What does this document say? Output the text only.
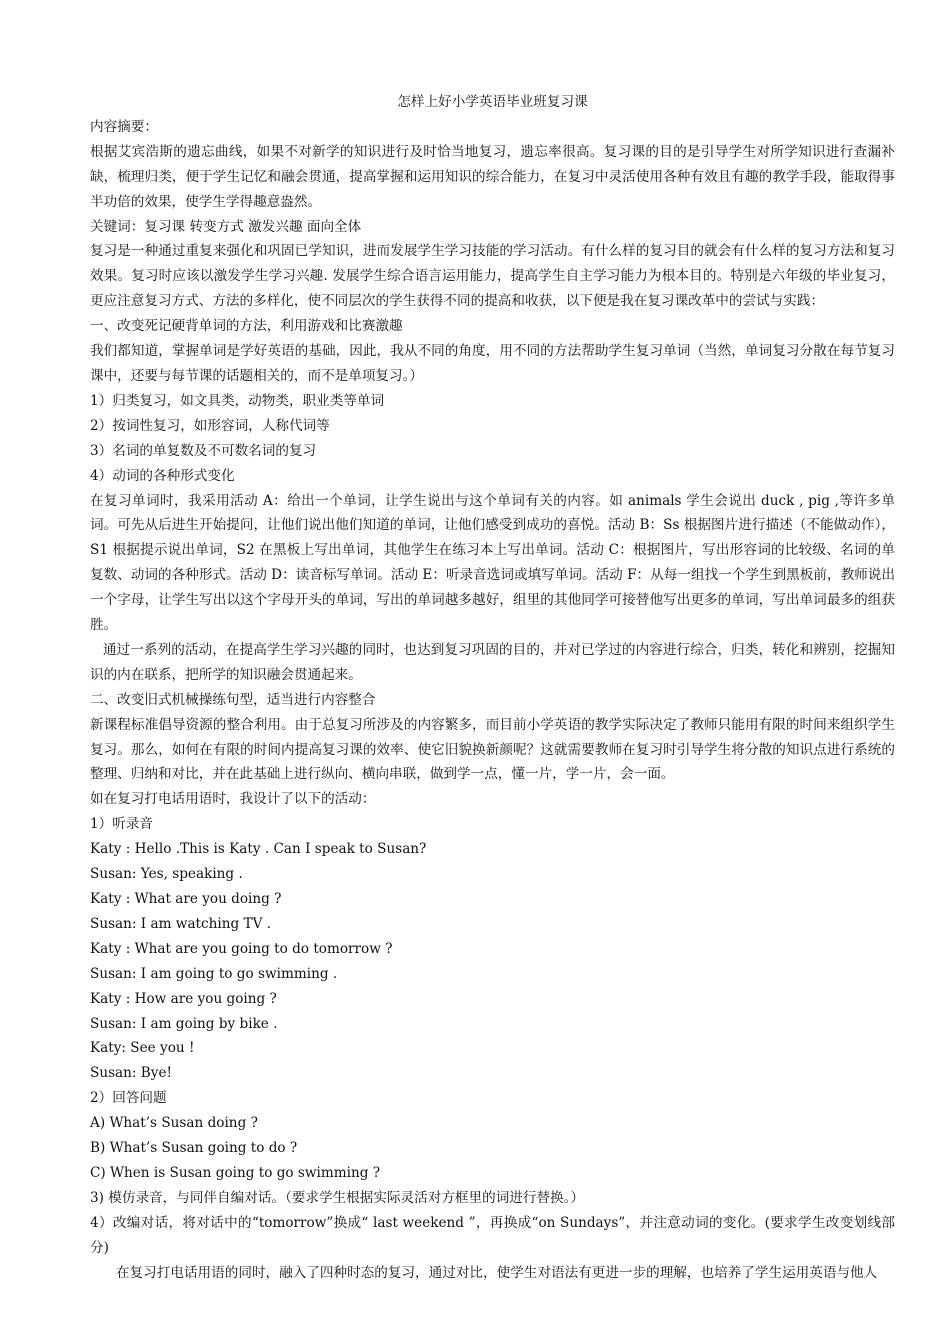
怎样上好小学英语毕业班复习课

内容摘要：

根据艾宾浩斯的遗忘曲线，如果不对新学的知识进行及时恰当地复习，遗忘率很高。复习课的目的是引导学生对所学知识进行查漏补缺，梳理归类，便于学生记忆和融会贯通，提高掌握和运用知识的综合能力，在复习中灵活使用各种有效且有趣的教学手段，能取得事半功倍的效果，使学生学得趣意盎然。

关键词：复习课 转变方式 激发兴趣 面向全体

复习是一种通过重复来强化和巩固已学知识，进而发展学生学习技能的学习活动。有什么样的复习目的就会有什么样的复习方法和复习效果。复习时应该以激发学生学习兴趣. 发展学生综合语言运用能力，提高学生自主学习能力为根本目的。特别是六年级的毕业复习，更应注意复习方式、方法的多样化，使不同层次的学生获得不同的提高和收获，以下便是我在复习课改革中的尝试与实践：

一、改变死记硬背单词的方法，利用游戏和比赛激趣

我们都知道，掌握单词是学好英语的基础，因此，我从不同的角度，用不同的方法帮助学生复习单词（当然，单词复习分散在每节复习课中，还要与每节课的话题相关的，而不是单项复习。）

1）归类复习，如文具类，动物类，职业类等单词

2）按词性复习，如形容词，人称代词等

3）名词的单复数及不可数名词的复习

4）动词的各种形式变化

在复习单词时，我采用活动 A：给出一个单词，让学生说出与这个单词有关的内容。如 animals 学生会说出 duck , pig ,等许多单词。可先从后进生开始提问，让他们说出他们知道的单词，让他们感受到成功的喜悦。活动 B：Ss 根据图片进行描述（不能做动作），S1 根据提示说出单词，S2 在黑板上写出单词，其他学生在练习本上写出单词。活动 C：根据图片，写出形容词的比较级、名词的单复数、动词的各种形式。活动 D：读音标写单词。活动 E：听录音选词或填写单词。活动 F：从每一组找一个学生到黑板前，教师说出一个字母，让学生写出以这个字母开头的单词，写出的单词越多越好，组里的其他同学可接替他写出更多的单词，写出单词最多的组获胜。

通过一系列的活动，在提高学生学习兴趣的同时，也达到复习巩固的目的，并对已学过的内容进行综合，归类，转化和辨别，挖掘知识的内在联系，把所学的知识融会贯通起来。

二、改变旧式机械操练句型，适当进行内容整合

新课程标准倡导资源的整合利用。由于总复习所涉及的内容繁多，而目前小学英语的教学实际决定了教师只能用有限的时间来组织学生复习。那么，如何在有限的时间内提高复习课的效率、使它旧貌换新颜呢？这就需要教师在复习时引导学生将分散的知识点进行系统的整理、归纳和对比，并在此基础上进行纵向、横向串联，做到学一点，懂一片，学一片，会一面。

如在复习打电话用语时，我设计了以下的活动：

1）听录音

Katy : Hello .This is Katy . Can I speak to Susan?

Susan: Yes, speaking .

Katy : What are you doing ?

Susan: I am watching TV .

Katy : What are you going to do tomorrow ?

Susan: I am going to go swimming .

Katy : How are you going ?

Susan: I am going by bike .

Katy: See you !

Susan: Bye!

2）回答问题

A) What’s Susan doing ?

B) What’s Susan going to do ?

C) When is Susan going to go swimming ?

3) 模仿录音，与同伴自编对话。（要求学生根据实际灵活对方框里的词进行替换。）

4）改编对话，将对话中的“tomorrow”换成“ last weekend ”，再换成“on Sundays”，并注意动词的变化。(要求学生改变划线部分)

在复习打电话用语的同时，融入了四种时态的复习，通过对比，使学生对语法有更进一步的理解，也培养了学生运用英语与他人
